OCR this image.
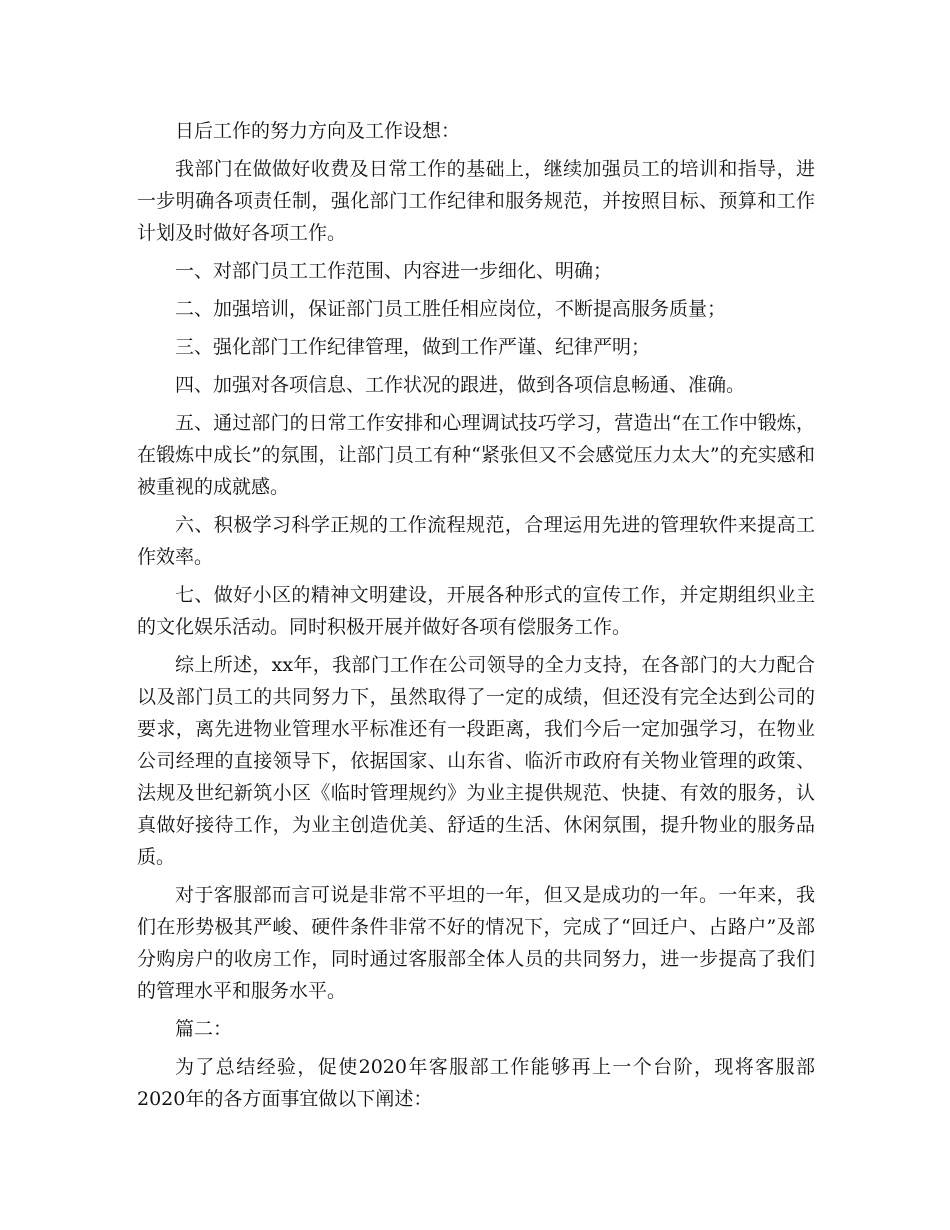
日后工作的努力方向及工作设想：

我部门在做做好收费及日常工作的基础上，继续加强员工的培训和指导，进一步明确各项责任制，强化部门工作纪律和服务规范，并按照目标、预算和工作计划及时做好各项工作。

一、对部门员工工作范围、内容进一步细化、明确；

二、加强培训，保证部门员工胜任相应岗位，不断提高服务质量；

三、强化部门工作纪律管理，做到工作严谨、纪律严明；

四、加强对各项信息、工作状况的跟进，做到各项信息畅通、准确。

五、通过部门的日常工作安排和心理调试技巧学习，营造出“在工作中锻炼，在锻炼中成长”的氛围，让部门员工有种“紧张但又不会感觉压力太大”的充实感和被重视的成就感。

六、积极学习科学正规的工作流程规范，合理运用先进的管理软件来提高工作效率。

七、做好小区的精神文明建设，开展各种形式的宣传工作，并定期组织业主的文化娱乐活动。同时积极开展并做好各项有偿服务工作。

综上所述，xx年，我部门工作在公司领导的全力支持，在各部门的大力配合以及部门员工的共同努力下，虽然取得了一定的成绩，但还没有完全达到公司的要求，离先进物业管理水平标准还有一段距离，我们今后一定加强学习，在物业公司经理的直接领导下，依据国家、山东省、临沂市政府有关物业管理的政策、法规及世纪新筑小区《临时管理规约》为业主提供规范、快捷、有效的服务，认真做好接待工作，为业主创造优美、舒适的生活、休闲氛围，提升物业的服务品质。

对于客服部而言可说是非常不平坦的一年，但又是成功的一年。一年来，我们在形势极其严峻、硬件条件非常不好的情况下，完成了“回迁户、占路户”及部分购房户的收房工作，同时通过客服部全体人员的共同努力，进一步提高了我们的管理水平和服务水平。

篇二：

为了总结经验，促使2020年客服部工作能够再上一个台阶，现将客服部2020年的各方面事宜做以下阐述：
